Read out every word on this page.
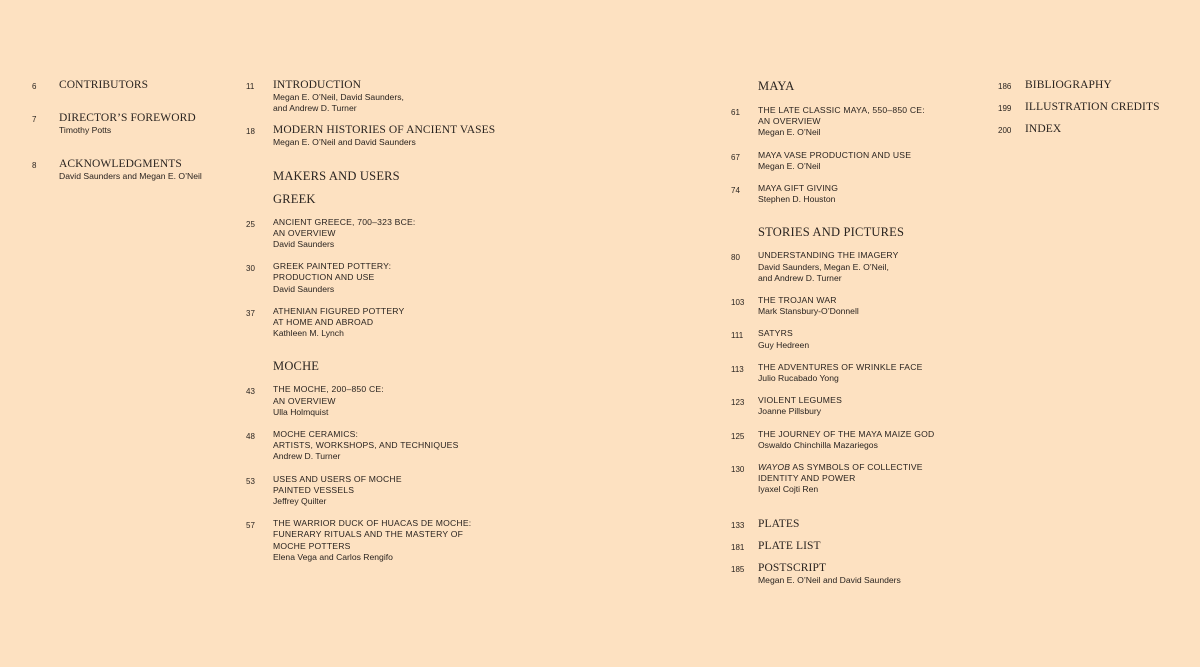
6 CONTRIBUTORS
7 DIRECTOR’S FOREWORD
Timothy Potts
8 ACKNOWLEDGMENTS
David Saunders and Megan E. O’Neil
11 INTRODUCTION
Megan E. O’Neil, David Saunders,
and Andrew D. Turner
18 MODERN HISTORIES OF ANCIENT VASES
Megan E. O’Neil and David Saunders
MAKERS AND USERS
GREEK
25 ANCIENT GREECE, 700–323 BCE:
AN OVERVIEW
David Saunders
30 GREEK PAINTED POTTERY:
PRODUCTION AND USE
David Saunders
37 ATHENIAN FIGURED POTTERY
AT HOME AND ABROAD
Kathleen M. Lynch
MOCHE
43 THE MOCHE, 200–850 CE:
AN OVERVIEW
Ulla Holmquist
48 MOCHE CERAMICS:
ARTISTS, WORKSHOPS, AND TECHNIQUES
Andrew D. Turner
53 USES AND USERS OF MOCHE
PAINTED VESSELS
Jeffrey Quilter
57 THE WARRIOR DUCK OF HUACAS DE MOCHE:
FUNERARY RITUALS AND THE MASTERY OF
MOCHE POTTERS
Elena Vega and Carlos Rengifo
MAYA
61 THE LATE CLASSIC MAYA, 550–850 CE:
AN OVERVIEW
Megan E. O’Neil
67 MAYA VASE PRODUCTION AND USE
Megan E. O’Neil
74 MAYA GIFT GIVING
Stephen D. Houston
STORIES AND PICTURES
80 UNDERSTANDING THE IMAGERY
David Saunders, Megan E. O’Neil,
and Andrew D. Turner
103 THE TROJAN WAR
Mark Stansbury-O’Donnell
111 SATYRS
Guy Hedreen
113 THE ADVENTURES OF WRINKLE FACE
Julio Rucabado Yong
123 VIOLENT LEGUMES
Joanne Pillsbury
125 THE JOURNEY OF THE MAYA MAIZE GOD
Oswaldo Chinchilla Mazariegos
130 WAYOB AS SYMBOLS OF COLLECTIVE
IDENTITY AND POWER
Iyaxel Cojti Ren
133 PLATES
181 PLATE LIST
185 POSTSCRIPT
Megan E. O’Neil and David Saunders
186 BIBLIOGRAPHY
199 ILLUSTRATION CREDITS
200 INDEX
